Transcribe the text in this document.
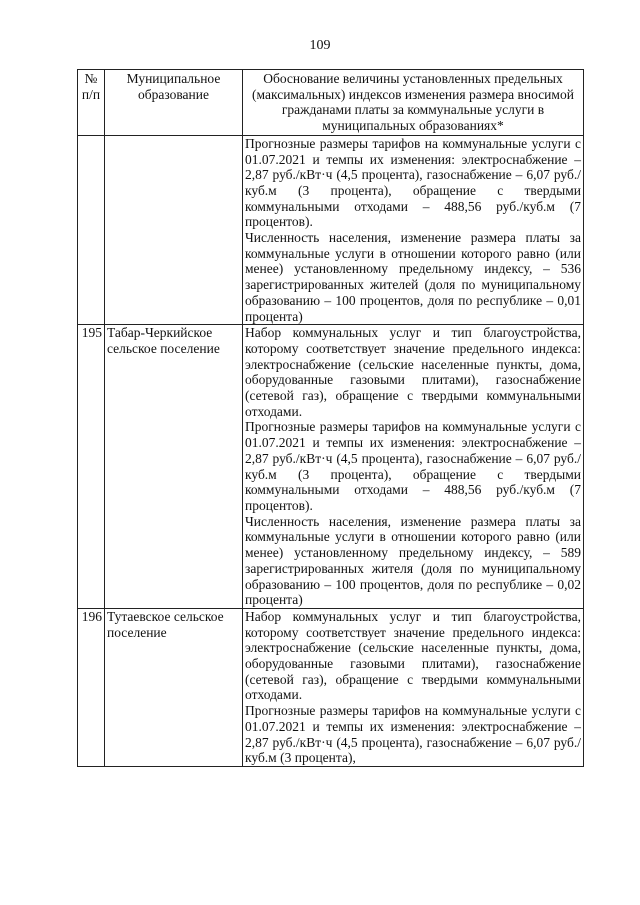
109
№
п/п	Муниципальное образование	Обоснование величины установленных предельных (максимальных) индексов изменения размера вносимой гражданами платы за коммунальные услуги в муниципальных образованиях*

		Прогнозные размеры тарифов на коммунальные услуги с 01.07.2021 и темпы их изменения: электроснабжение – 2,87 руб./кВт·ч (4,5 процента), газоснабжение – 6,07 руб./куб.м (3 процента), обращение с твердыми коммунальными отходами – 488,56 руб./куб.м (7 процентов).
Численность населения, изменение размера платы за коммунальные услуги в отношении которого равно (или менее) установленному предельному индексу, – 536 зарегистрированных жителей (доля по муниципальному образованию – 100 процентов, доля по республике – 0,01 процента)

195	Табар-Черкийское сельское поселение	Набор коммунальных услуг и тип благоустройства, которому соответствует значение предельного индекса: электроснабжение (сельские населенные пункты, дома, оборудованные газовыми плитами), газоснабжение (сетевой газ), обращение с твердыми коммунальными отходами.
Прогнозные размеры тарифов на коммунальные услуги с 01.07.2021 и темпы их изменения: электроснабжение – 2,87 руб./кВт·ч (4,5 процента), газоснабжение – 6,07 руб./куб.м (3 процента), обращение с твердыми коммунальными отходами – 488,56 руб./куб.м (7 процентов).
Численность населения, изменение размера платы за коммунальные услуги в отношении которого равно (или менее) установленному предельному индексу, – 589 зарегистрированных жителя (доля по муниципальному образованию – 100 процентов, доля по республике – 0,02 процента)

196	Тутаевское сельское поселение	Набор коммунальных услуг и тип благоустройства, которому соответствует значение предельного индекса: электроснабжение (сельские населенные пункты, дома, оборудованные газовыми плитами), газоснабжение (сетевой газ), обращение с твердыми коммунальными отходами.
Прогнозные размеры тарифов на коммунальные услуги с 01.07.2021 и темпы их изменения: электроснабжение – 2,87 руб./кВт·ч (4,5 процента), газоснабжение – 6,07 руб./куб.м (3 процента),
